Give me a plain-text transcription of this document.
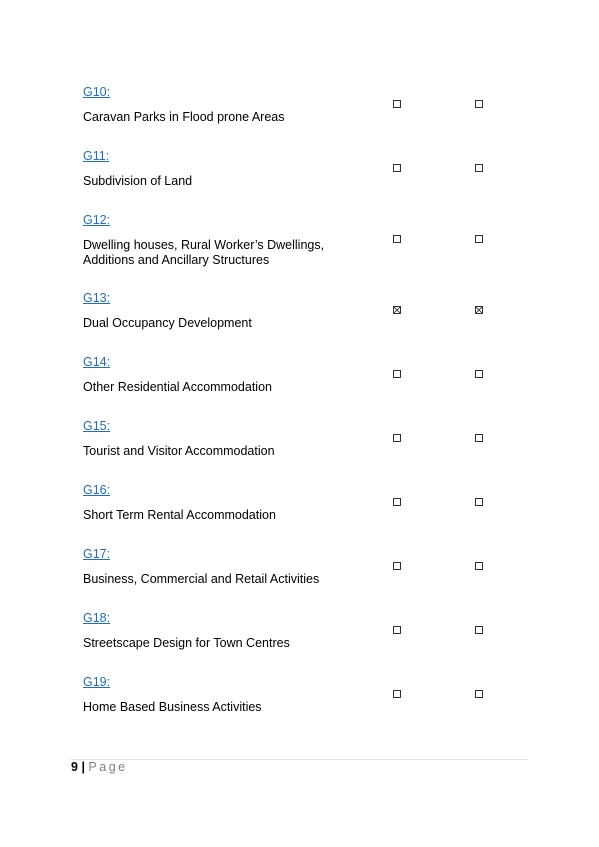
G10:
Caravan Parks in Flood prone Areas
G11:
Subdivision of Land
G12:
Dwelling houses, Rural Worker’s Dwellings, Additions and Ancillary Structures
G13:
Dual Occupancy Development
G14:
Other Residential Accommodation
G15:
Tourist and Visitor Accommodation
G16:
Short Term Rental Accommodation
G17:
Business, Commercial and Retail Activities
G18:
Streetscape Design for Town Centres
G19:
Home Based Business Activities
9 | Page
